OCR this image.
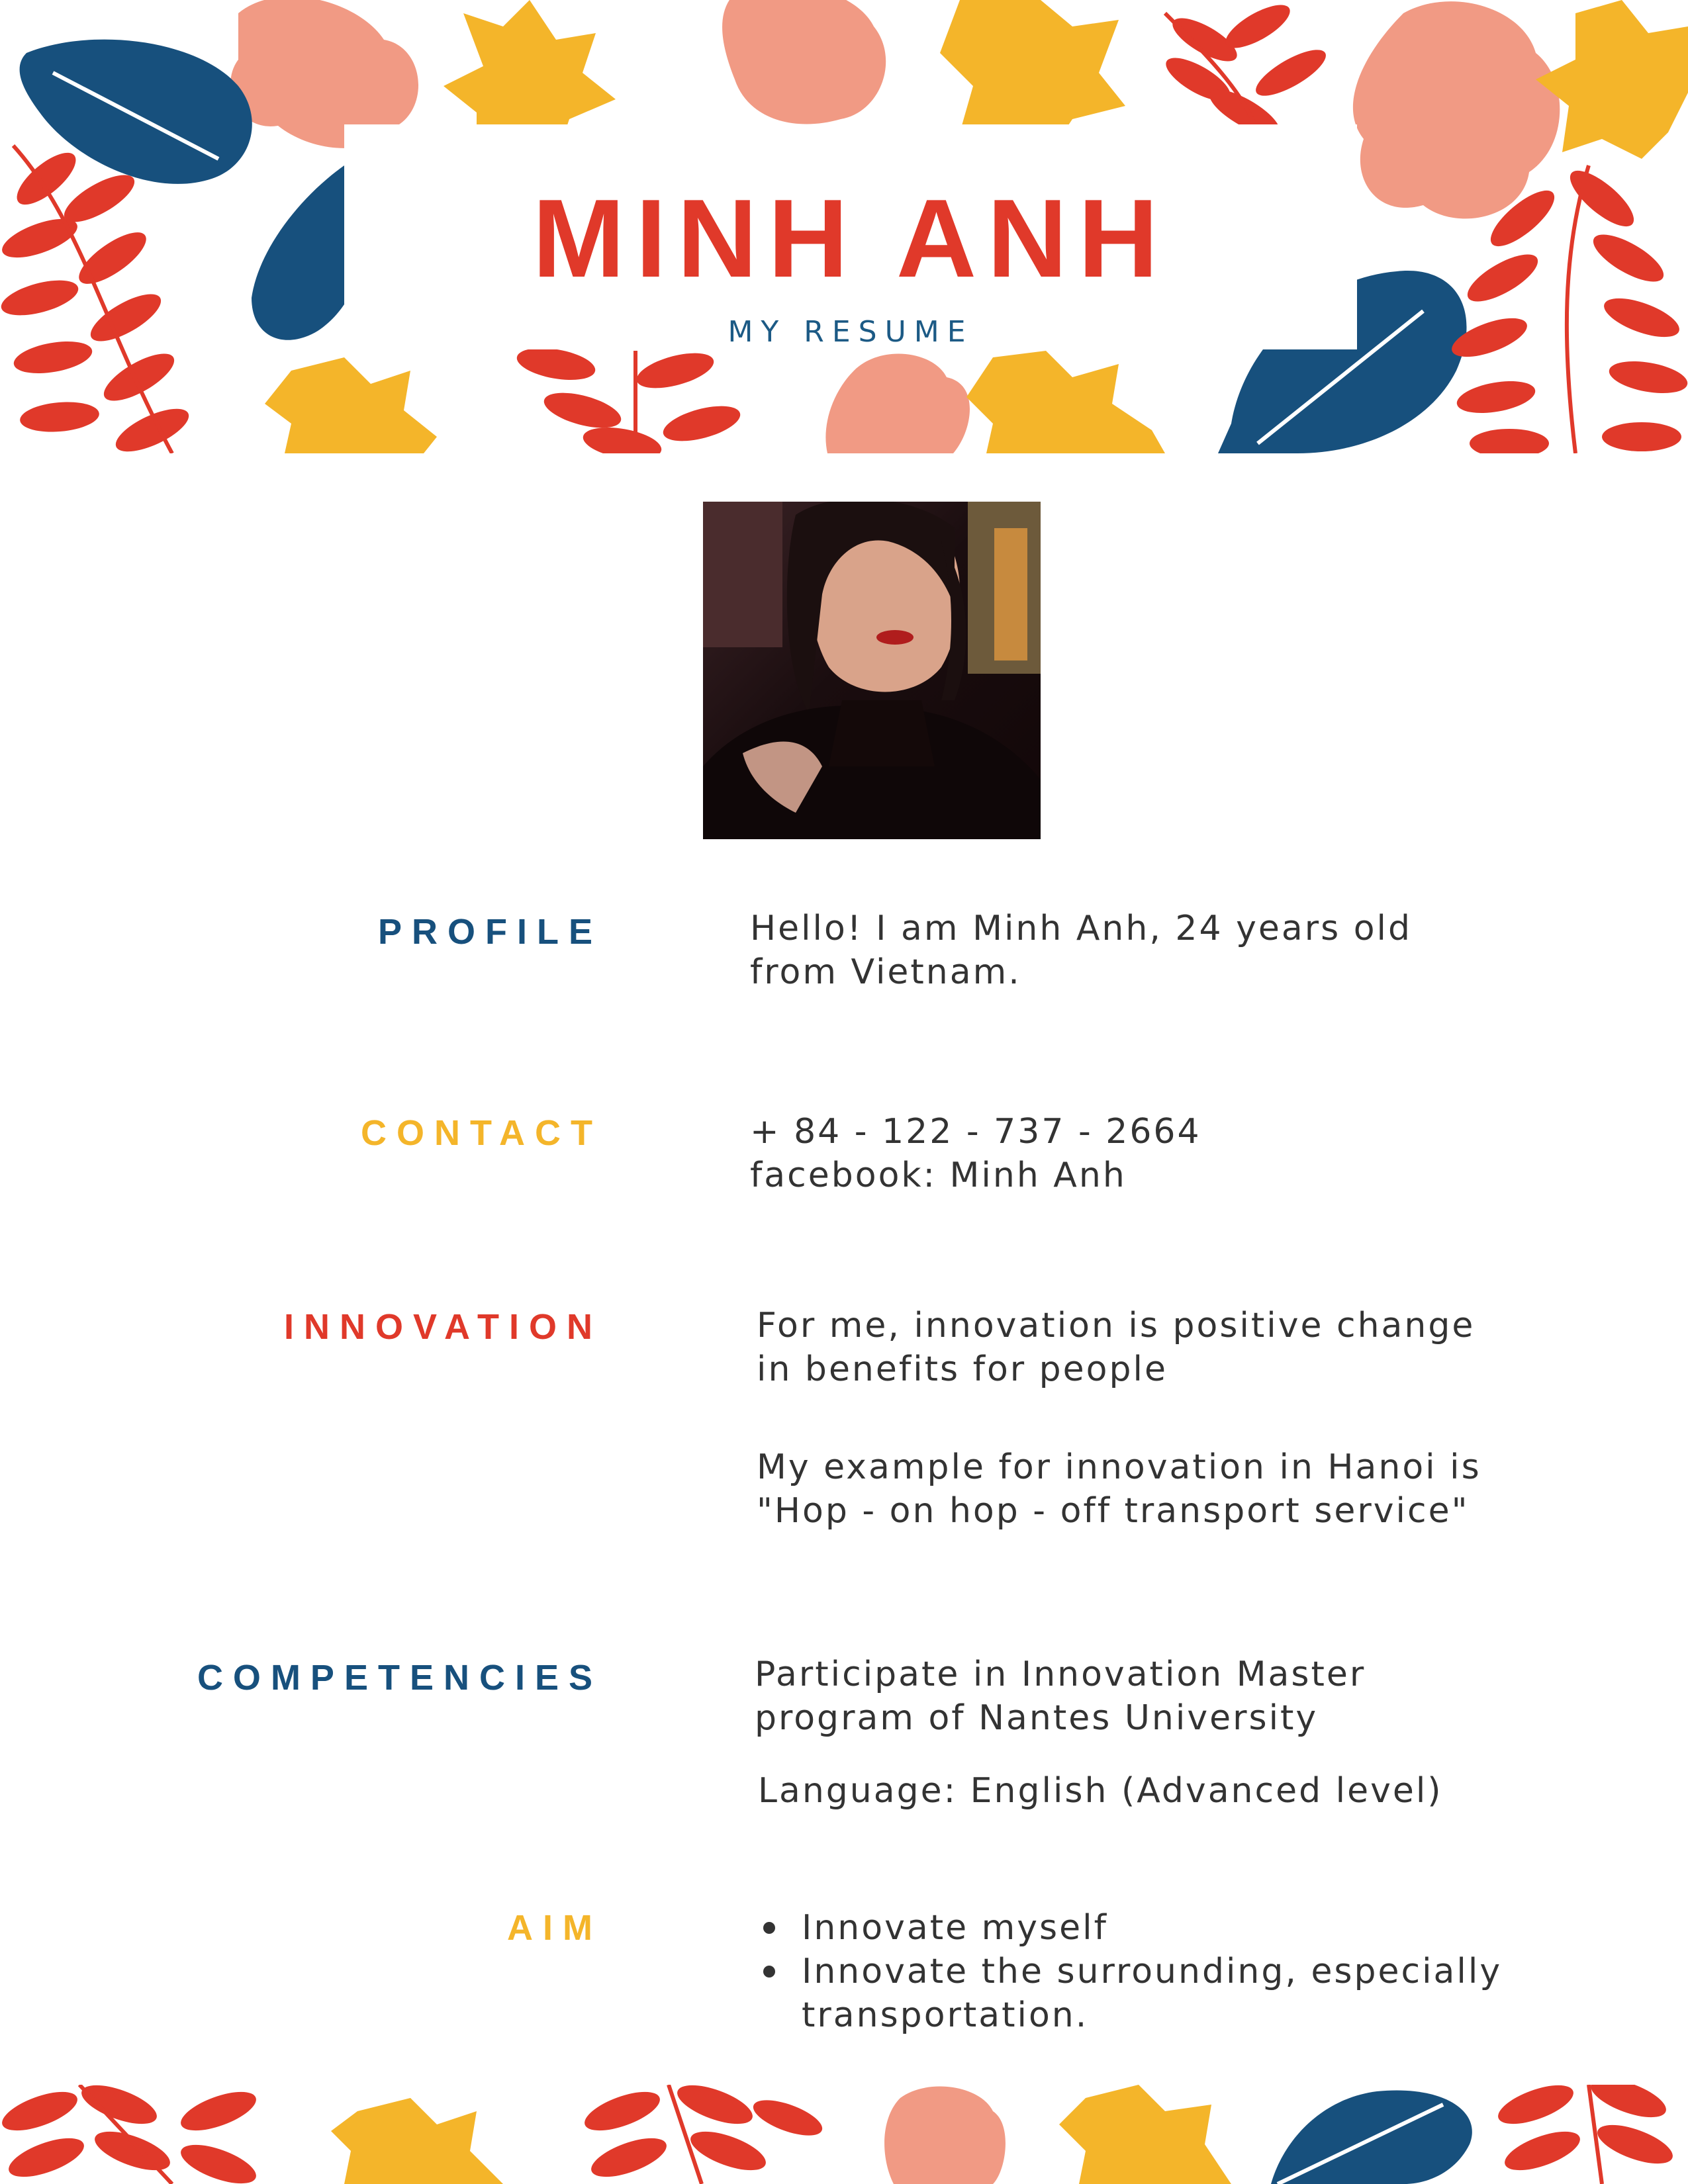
MINH ANH
MY RESUME
PROFILE	Hello! I am Minh Anh, 24 years old
from Vietnam.
CONTACT	+ 84 - 122 - 737 - 2664
facebook: Minh Anh
INNOVATION	For me, innovation is positive change
in benefits for people
My example for innovation in Hanoi is
"Hop - on hop - off transport service"
COMPETENCIES	Participate in Innovation Master
program of Nantes University
Language: English (Advanced level)
AIM	Innovate myself
Innovate the surrounding, especially
transportation.
